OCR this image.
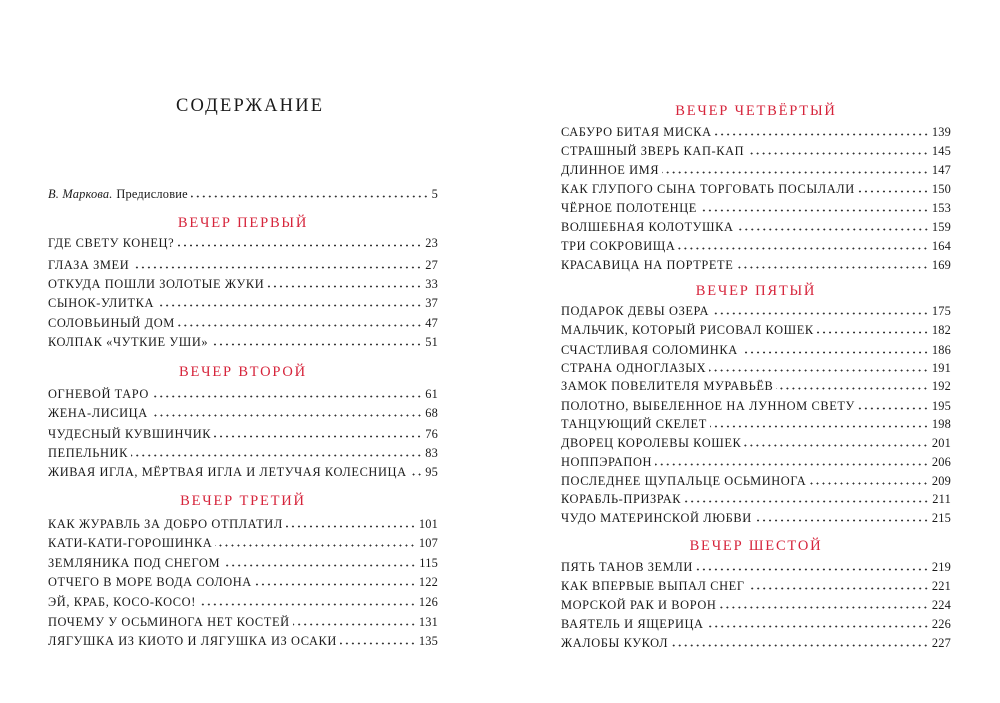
СОДЕРЖАНИЕ
В. Маркова. Предисловие	5
ВЕЧЕР ПЕРВЫЙ
ГДЕ СВЕТУ КОНЕЦ?	23
ГЛАЗА ЗМЕИ	27
ОТКУДА ПОШЛИ ЗОЛОТЫЕ ЖУКИ	33
СЫНОК-УЛИТКА	37
СОЛОВЬИНЫЙ ДОМ	47
КОЛПАК «ЧУТКИЕ УШИ»	51
ВЕЧЕР ВТОРОЙ
ОГНЕВОЙ ТАРО	61
ЖЕНА-ЛИСИЦА	68
ЧУДЕСНЫЙ КУВШИНЧИК	76
ПЕПЕЛЬНИК	83
ЖИВАЯ ИГЛА, МЁРТВАЯ ИГЛА И ЛЕТУЧАЯ КОЛЕСНИЦА 95
ВЕЧЕР ТРЕТИЙ
КАК ЖУРАВЛЬ ЗА ДОБРО ОТПЛАТИЛ	101
КАТИ-КАТИ-ГОРОШИНКА	107
ЗЕМЛЯНИКА ПОД СНЕГОМ	115
ОТЧЕГО В МОРЕ ВОДА СОЛОНА	122
ЭЙ, КРАБ, КОСО-КОСО!	126
ПОЧЕМУ У ОСЬМИНОГА НЕТ КОСТЕЙ	131
ЛЯГУШКА ИЗ КИОТО И ЛЯГУШКА ИЗ ОСАКИ	135
ВЕЧЕР ЧЕТВЁРТЫЙ
САБУРО БИТАЯ МИСКА	139
СТРАШНЫЙ ЗВЕРЬ КАП-КАП	145
ДЛИННОЕ ИМЯ	147
КАК ГЛУПОГО СЫНА ТОРГОВАТЬ ПОСЫЛАЛИ	150
ЧЁРНОЕ ПОЛОТЕНЦЕ	153
ВОЛШЕБНАЯ КОЛОТУШКА	159
ТРИ СОКРОВИЩА	164
КРАСАВИЦА НА ПОРТРЕТЕ	169
ВЕЧЕР ПЯТЫЙ
ПОДАРОК ДЕВЫ ОЗЕРА	175
МАЛЬЧИК, КОТОРЫЙ РИСОВАЛ КОШЕК	182
СЧАСТЛИВАЯ СОЛОМИНКА	186
СТРАНА ОДНОГЛАЗЫХ	191
ЗАМОК ПОВЕЛИТЕЛЯ МУРАВЬЁВ	192
ПОЛОТНО, ВЫБЕЛЕННОЕ НА ЛУННОМ СВЕТУ	195
ТАНЦУЮЩИЙ СКЕЛЕТ	198
ДВОРЕЦ КОРОЛЕВЫ КОШЕК	201
НОППЭРАПОН	206
ПОСЛЕДНЕЕ ЩУПАЛЬЦЕ ОСЬМИНОГА	209
КОРАБЛЬ-ПРИЗРАК	211
ЧУДО МАТЕРИНСКОЙ ЛЮБВИ	215
ВЕЧЕР ШЕСТОЙ
ПЯТЬ ТАНОВ ЗЕМЛИ	219
КАК ВПЕРВЫЕ ВЫПАЛ СНЕГ	221
МОРСКОЙ РАК И ВОРОН	224
ВАЯТЕЛЬ И ЯЩЕРИЦА	226
ЖАЛОБЫ КУКОЛ	227
